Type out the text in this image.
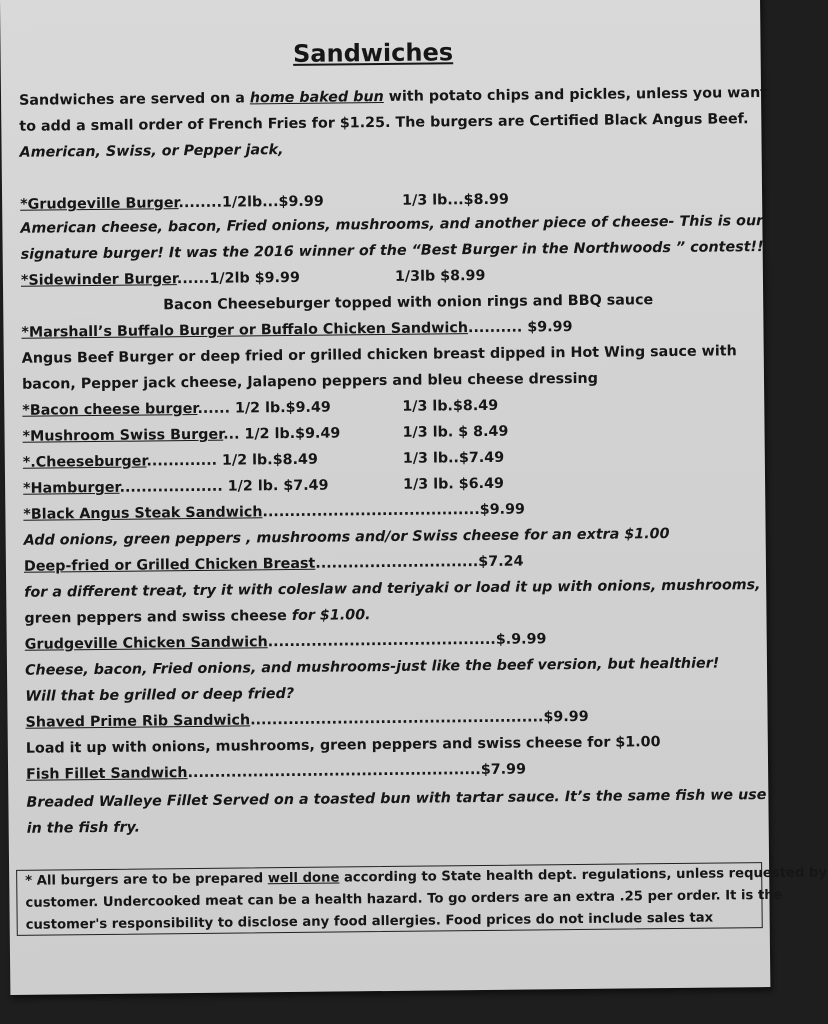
Sandwiches
Sandwiches are served on a home baked bun with potato chips and pickles, unless you want
to add a small order of French Fries for $1.25. The burgers are Certified Black Angus Beef.
American, Swiss, or Pepper jack,
*Grudgeville Burger........1/2lb...$9.99	1/3 lb...$8.99
American cheese, bacon, Fried onions, mushrooms, and another piece of cheese- This is our
signature burger! It was the 2016 winner of the “Best Burger in the Northwoods ” contest!!
*Sidewinder Burger......1/2lb $9.99	1/3lb $8.99
Bacon Cheeseburger topped with onion rings and BBQ sauce
*Marshall’s Buffalo Burger or Buffalo Chicken Sandwich.......... $9.99
Angus Beef Burger or deep fried or grilled chicken breast dipped in Hot Wing sauce with
bacon, Pepper jack cheese, Jalapeno peppers and bleu cheese dressing
*Bacon cheese burger...... 1/2 lb.$9.49	1/3 lb.$8.49
*Mushroom Swiss Burger... 1/2 lb.$9.49	1/3 lb. $ 8.49
*.Cheeseburger............. 1/2 lb.$8.49	1/3 lb..$7.49
*Hamburger................... 1/2 lb. $7.49	1/3 lb. $6.49
*Black Angus Steak Sandwich........................................$9.99
Add onions, green peppers , mushrooms and/or Swiss cheese for an extra $1.00
Deep-fried or Grilled Chicken Breast..............................$7.24
for a different treat, try it with coleslaw and teriyaki or load it up with onions, mushrooms,
green peppers and swiss cheese for $1.00.
Grudgeville Chicken Sandwich..........................................$.9.99
Cheese, bacon, Fried onions, and mushrooms-just like the beef version, but healthier!
Will that be grilled or deep fried?
Shaved Prime Rib Sandwich......................................................$9.99
Load it up with onions, mushrooms, green peppers and swiss cheese for $1.00
Fish Fillet Sandwich......................................................$7.99
Breaded Walleye Fillet Served on a toasted bun with tartar sauce. It’s the same fish we use
in the fish fry.
* All burgers are to be prepared well done according to State health dept. regulations, unless requested by
customer. Undercooked meat can be a health hazard. To go orders are an extra .25 per order. It is the
customer's responsibility to disclose any food allergies. Food prices do not include sales tax
